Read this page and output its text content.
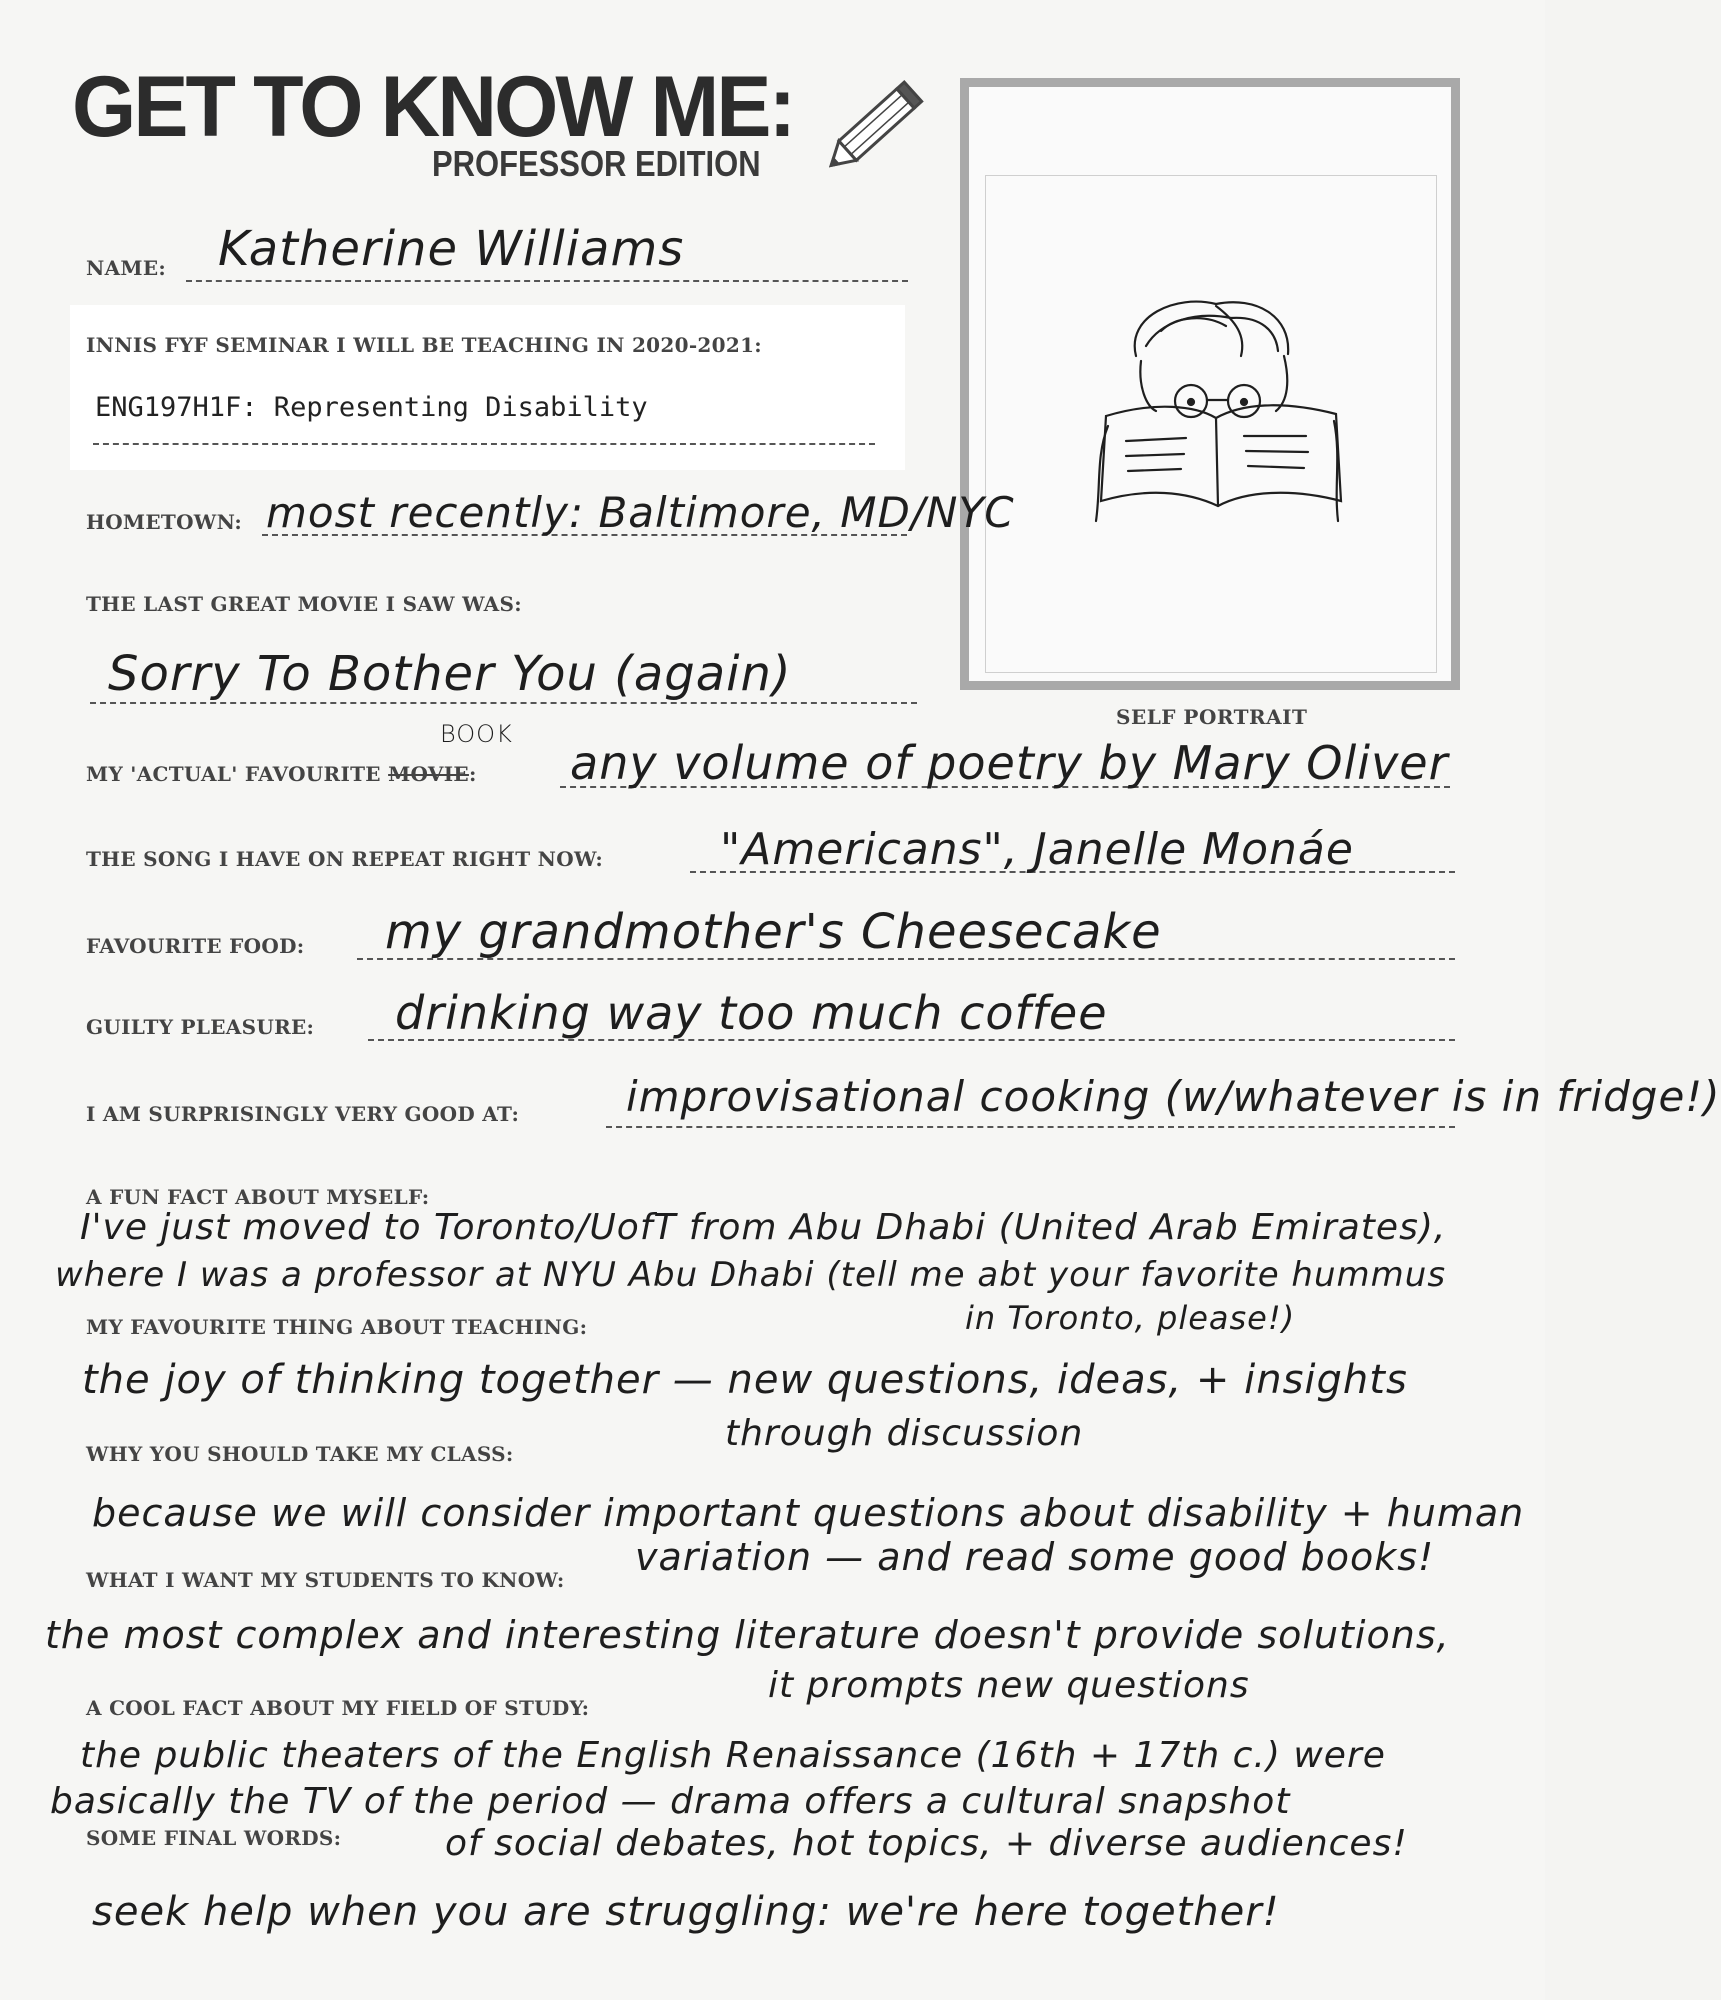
GET TO KNOW ME:
PROFESSOR EDITION
SELF PORTRAIT
NAME: Katherine Williams
INNIS FYF SEMINAR I WILL BE TEACHING IN 2020-2021:
ENG197H1F: Representing Disability
HOMETOWN: most recently: Baltimore, MD/NYC
THE LAST GREAT MOVIE I SAW WAS:
Sorry To Bother You (again)
MY 'ACTUAL' FAVOURITE MOVIE:
BOOK
any volume of poetry by Mary Oliver
THE SONG I HAVE ON REPEAT RIGHT NOW:	"Americans", Janelle Monáe
FAVOURITE FOOD: my grandmother's Cheesecake
GUILTY PLEASURE: drinking way too much coffee
I AM SURPRISINGLY VERY GOOD AT:	improvisational cooking (w/whatever is in fridge!)
A FUN FACT ABOUT MYSELF:
I've just moved to Toronto/UofT from Abu Dhabi (United Arab Emirates),
where I was a professor at NYU Abu Dhabi (tell me abt your favorite hummus
in Toronto, please!)
MY FAVOURITE THING ABOUT TEACHING:
the joy of thinking together — new questions, ideas, + insights
through discussion
WHY YOU SHOULD TAKE MY CLASS:
because we will consider important questions about disability + human
variation — and read some good books!
WHAT I WANT MY STUDENTS TO KNOW:
the most complex and interesting literature doesn't provide solutions,
it prompts new questions
A COOL FACT ABOUT MY FIELD OF STUDY:
the public theaters of the English Renaissance (16th + 17th c.) were
basically the TV of the period — drama offers a cultural snapshot
of social debates, hot topics, + diverse audiences!
SOME FINAL WORDS:
seek help when you are struggling: we're here together!
